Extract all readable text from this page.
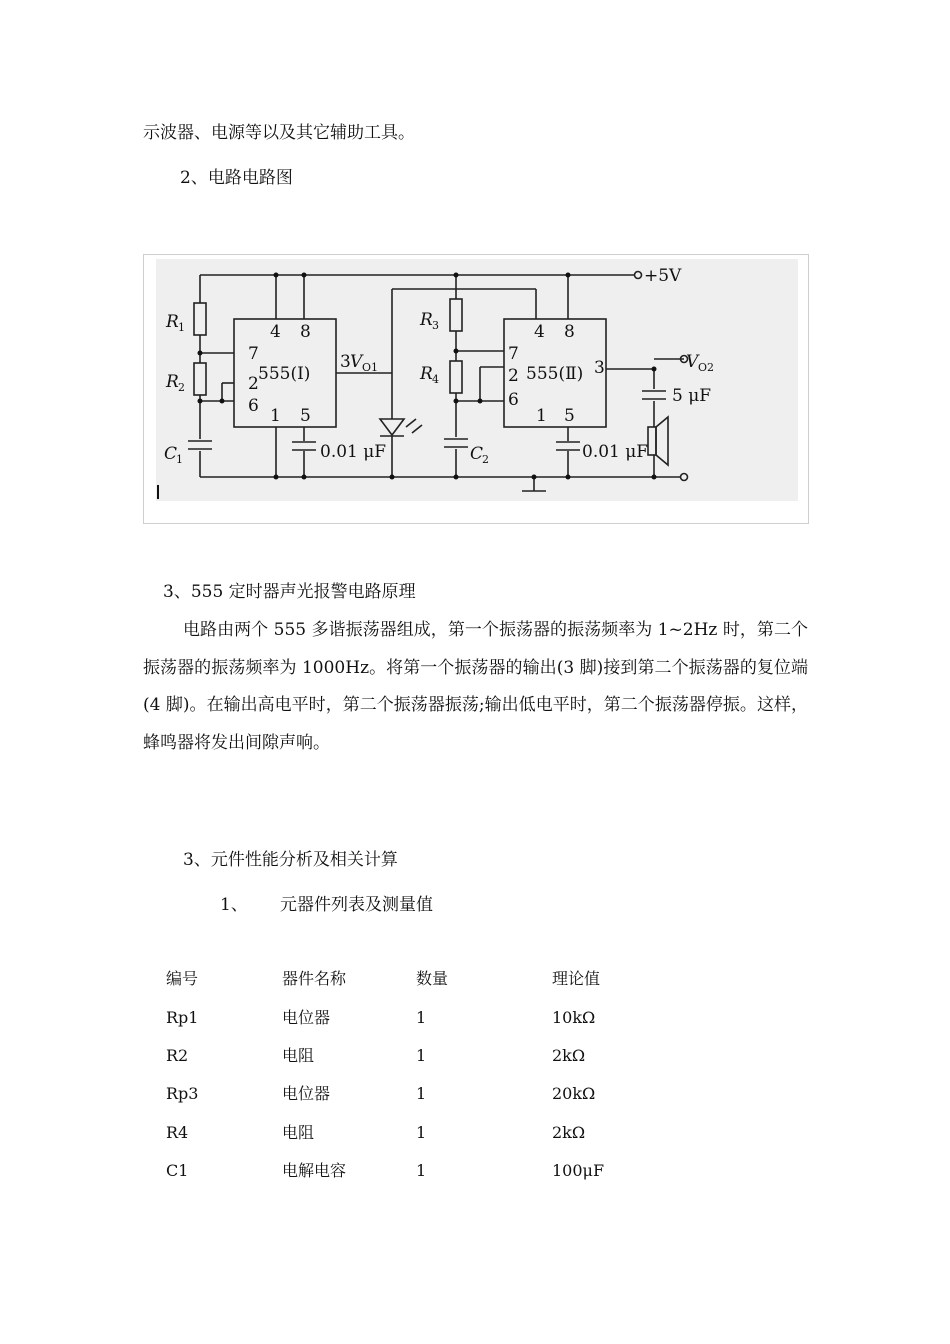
示波器、电源等以及其它辅助工具。
2、电路电路图
+5V
R 1
R 2
C
1
R 3
R 4
C
2
555(Ⅰ)	555(Ⅱ)
V O1	V O2
0.01 μF	0.01 μF
5 μF
4 8
7
2
6 1 5
3
4 8
7
2
6
1 5
3
3、555 定时器声光报警电路原理
电路由两个 555 多谐振荡器组成，第一个振荡器的振荡频率为 1~2Hz 时，第二个振荡器的振荡频率为 1000Hz。将第一个振荡器的输出(3 脚)接到第二个振荡器的复位端(4 脚)。在输出高电平时，第二个振荡器振荡;输出低电平时，第二个振荡器停振。这样，蜂鸣器将发出间隙声响。
3、元件性能分析及相关计算
1、 元器件列表及测量值
编号	器件名称	数量	理论值
Rp1	电位器	1	10kΩ
R2	电阻	1	2kΩ
Rp3	电位器	1	20kΩ
R4	电阻	1	2kΩ
C1	电解电容	1	100μF
